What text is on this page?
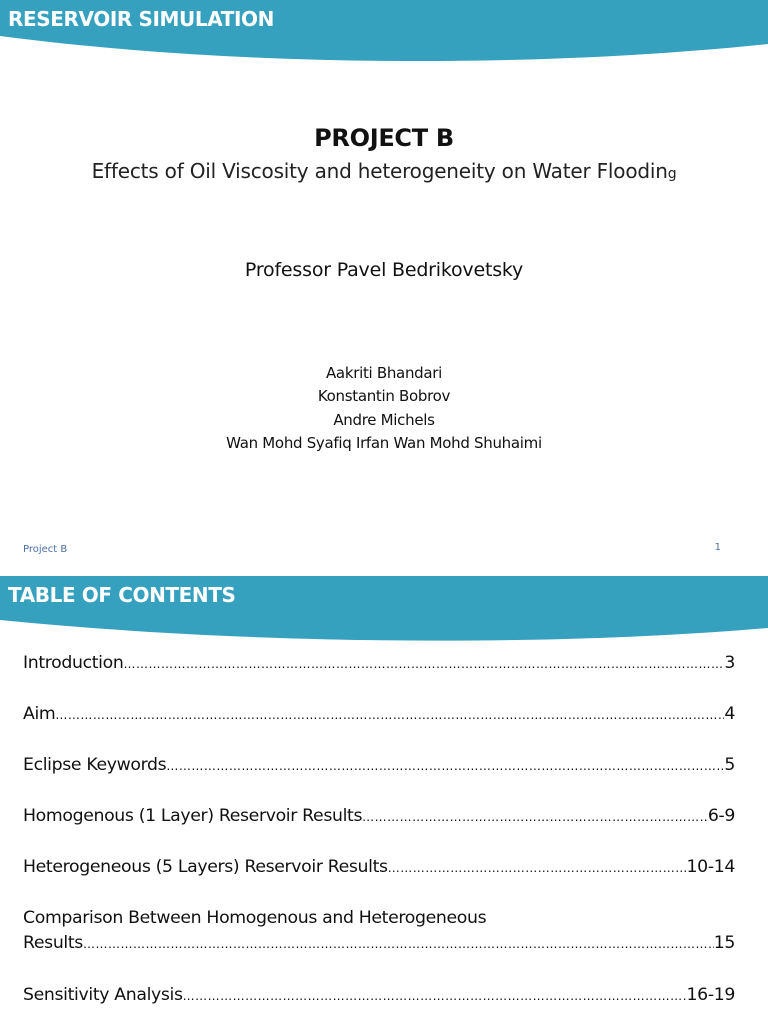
RESERVOIR SIMULATION
PROJECT B

Effects of Oil Viscosity and heterogeneity on Water Flooding

Professor Pavel Bedrikovetsky

Aakriti Bhandari
Konstantin Bobrov
Andre Michels
Wan Mohd Syafiq Irfan Wan Mohd Shuhaimi
Project B	1
TABLE OF CONTENTS
Introduction ……………………………………………………………………………………………………………………………………………………………………………………………………………………………………	3
Aim ……………………………………………………………………………………………………………………………………………………………………………………………………………………………………	4
Eclipse Keywords ……………………………………………………………………………………………………………………………………………………………………………………………………………………………………	5
Homogenous (1 Layer) Reservoir Results ……………………………………………………………………………………………………………………………………………………………………………………………………………………………………	6-9
Heterogeneous (5 Layers) Reservoir Results ……………………………………………………………………………………………………………………………………………………………………………………………………………………………………	10-14
Comparison Between Homogenous and Heterogeneous
Results ……………………………………………………………………………………………………………………………………………………………………………………………………………………………………	15
Sensitivity Analysis ……………………………………………………………………………………………………………………………………………………………………………………………………………………………………	16-19
